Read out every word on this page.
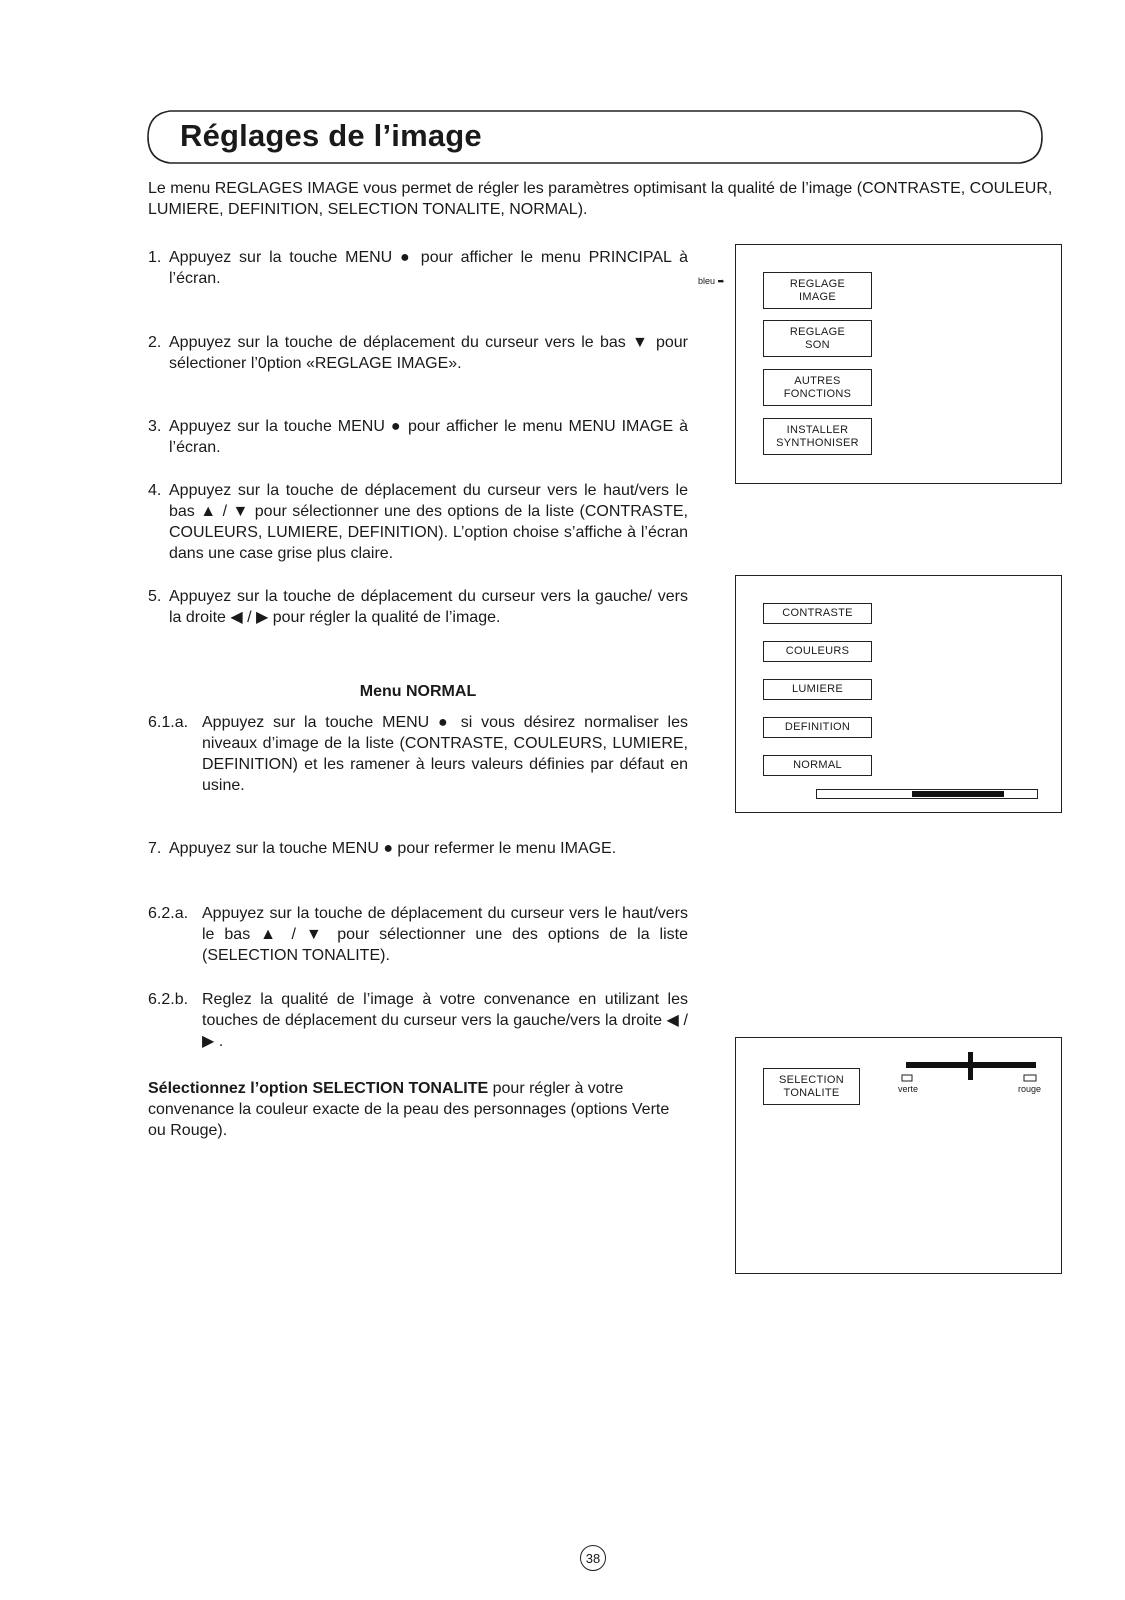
Réglages de l’image

Le menu REGLAGES IMAGE vous permet de régler les paramètres optimisant la qualité de l’image (CONTRASTE, COULEUR, LUMIERE, DEFINITION, SELECTION TONALITE, NORMAL).

1. Appuyez sur la touche MENU ● pour afficher le menu PRINCIPAL à l’écran.
2. Appuyez sur la touche de déplacement du curseur vers le bas ▼ pour sélectioner l’0ption «REGLAGE IMAGE».
3. Appuyez sur la touche MENU ● pour afficher le menu MENU IMAGE à l’écran.
4. Appuyez sur la touche de déplacement du curseur vers le haut/vers le bas ▲ / ▼ pour sélectionner une des options de la liste (CONTRASTE, COULEURS, LUMIERE, DEFINITION). L’option choise s’affiche à l’écran dans une case grise plus claire.
5. Appuyez sur la touche de déplacement du curseur vers la gauche/ vers la droite ◀ / ▶ pour régler la qualité de l’image.
Menu NORMAL
6.1.a. Appuyez sur la touche MENU ● si vous désirez normaliser les niveaux d’image de la liste (CONTRASTE, COULEURS, LUMIERE, DEFINITION) et les ramener à leurs valeurs définies par défaut en usine.
7. Appuyez sur la touche MENU ● pour refermer le menu IMAGE.
6.2.a. Appuyez sur la touche de déplacement du curseur vers le haut/vers le bas ▲ / ▼ pour sélectionner une des options de la liste (SELECTION TONALITE).
6.2.b. Reglez la qualité de l’image à votre convenance en utilizant les touches de déplacement du curseur vers la gauche/vers la droite ◀ / ▶ .
Sélectionnez l’option SELECTION TONALITE pour régler à votre convenance la couleur exacte de la peau des personnages (options Verte ou Rouge).
bleu ➨	REGLAGE
IMAGE
REGLAGE
SON
AUTRES
FONCTIONS
INSTALLER
SYNTHONISER
CONTRASTE
COULEURS
LUMIERE
DEFINITION
NORMAL
SELECTION
TONALITE	verte	rouge
38
